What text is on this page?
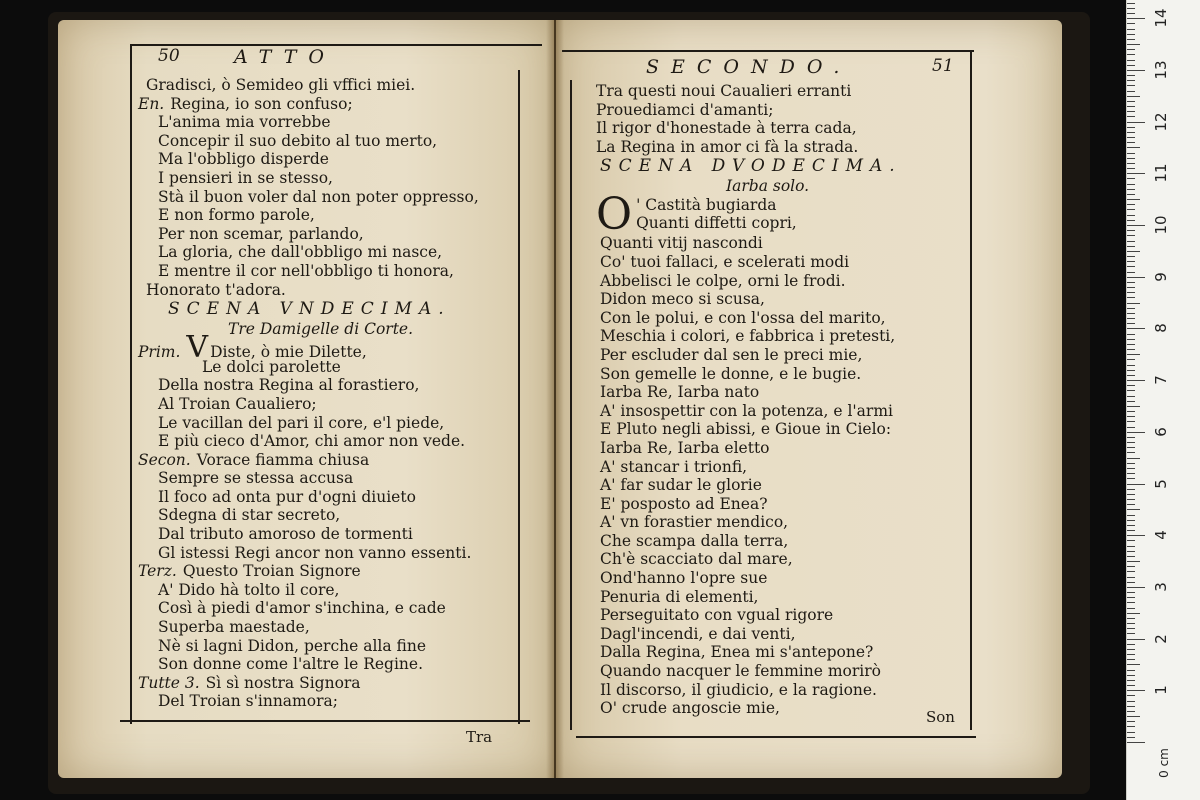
50	ATTO
Gradisci, ò Semideo gli vffici miei.
En. Regina, io son confuso;
L'anima mia vorrebbe
Concepir il suo debito al tuo merto,
Ma l'obbligo disperde
I pensieri in se stesso,
Stà il buon voler dal non poter oppresso,
E non formo parole,
Per non scemar, parlando,
La gloria, che dall'obbligo mi nasce,
E mentre il cor nell'obbligo ti honora,
Honorato t'adora.
SCENA VNDECIMA.
Tre Damigelle di Corte.
Prim. V Diste, ò mie Dilette,
Le dolci parolette
Della nostra Regina al forastiero,
Al Troian Caualiero;
Le vacillan del pari il core, e'l piede,
E più cieco d'Amor, chi amor non vede.
Secon. Vorace fiamma chiusa
Sempre se stessa accusa
Il foco ad onta pur d'ogni diuieto
Sdegna di star secreto,
Dal tributo amoroso de tormenti
Gl istessi Regi ancor non vanno essenti.
Terz. Questo Troian Signore
A' Dido hà tolto il core,
Così à piedi d'amor s'inchina, e cade
Superba maestade,
Nè si lagni Didon, perche alla fine
Son donne come l'altre le Regine.
Tutte 3. Sì sì nostra Signora
Del Troian s'innamora;
Tra
SECONDO.	51
Tra questi noui Caualieri erranti
Prouediamci d'amanti;
Il rigor d'honestade à terra cada,
La Regina in amor ci fà la strada.
SCENA DVODECIMA.
Iarba solo.
O ' Castità bugiarda
Quanti diffetti copri,
Quanti vitij nascondi
Co' tuoi fallaci, e scelerati modi
Abbelisci le colpe, orni le frodi.
Didon meco si scusa,
Con le polui, e con l'ossa del marito,
Meschia i colori, e fabbrica i pretesti,
Per escluder dal sen le preci mie,
Son gemelle le donne, e le bugie.
Iarba Re, Iarba nato
A' insospettir con la potenza, e l'armi
E Pluto negli abissi, e Gioue in Cielo:
Iarba Re, Iarba eletto
A' stancar i trionfi,
A' far sudar le glorie
E' posposto ad Enea?
A' vn forastier mendico,
Che scampa dalla terra,
Ch'è scacciato dal mare,
Ond'hanno l'opre sue
Penuria di elementi,
Perseguitato con vgual rigore
Dagl'incendi, e dai venti,
Dalla Regina, Enea mi s'antepone?
Quando nacquer le femmine morirò
Il discorso, il giudicio, e la ragione.
O' crude angoscie mie,	Son
0 cm
1
2
3
4
5
6
7
8
9
10
11
12
13
14
